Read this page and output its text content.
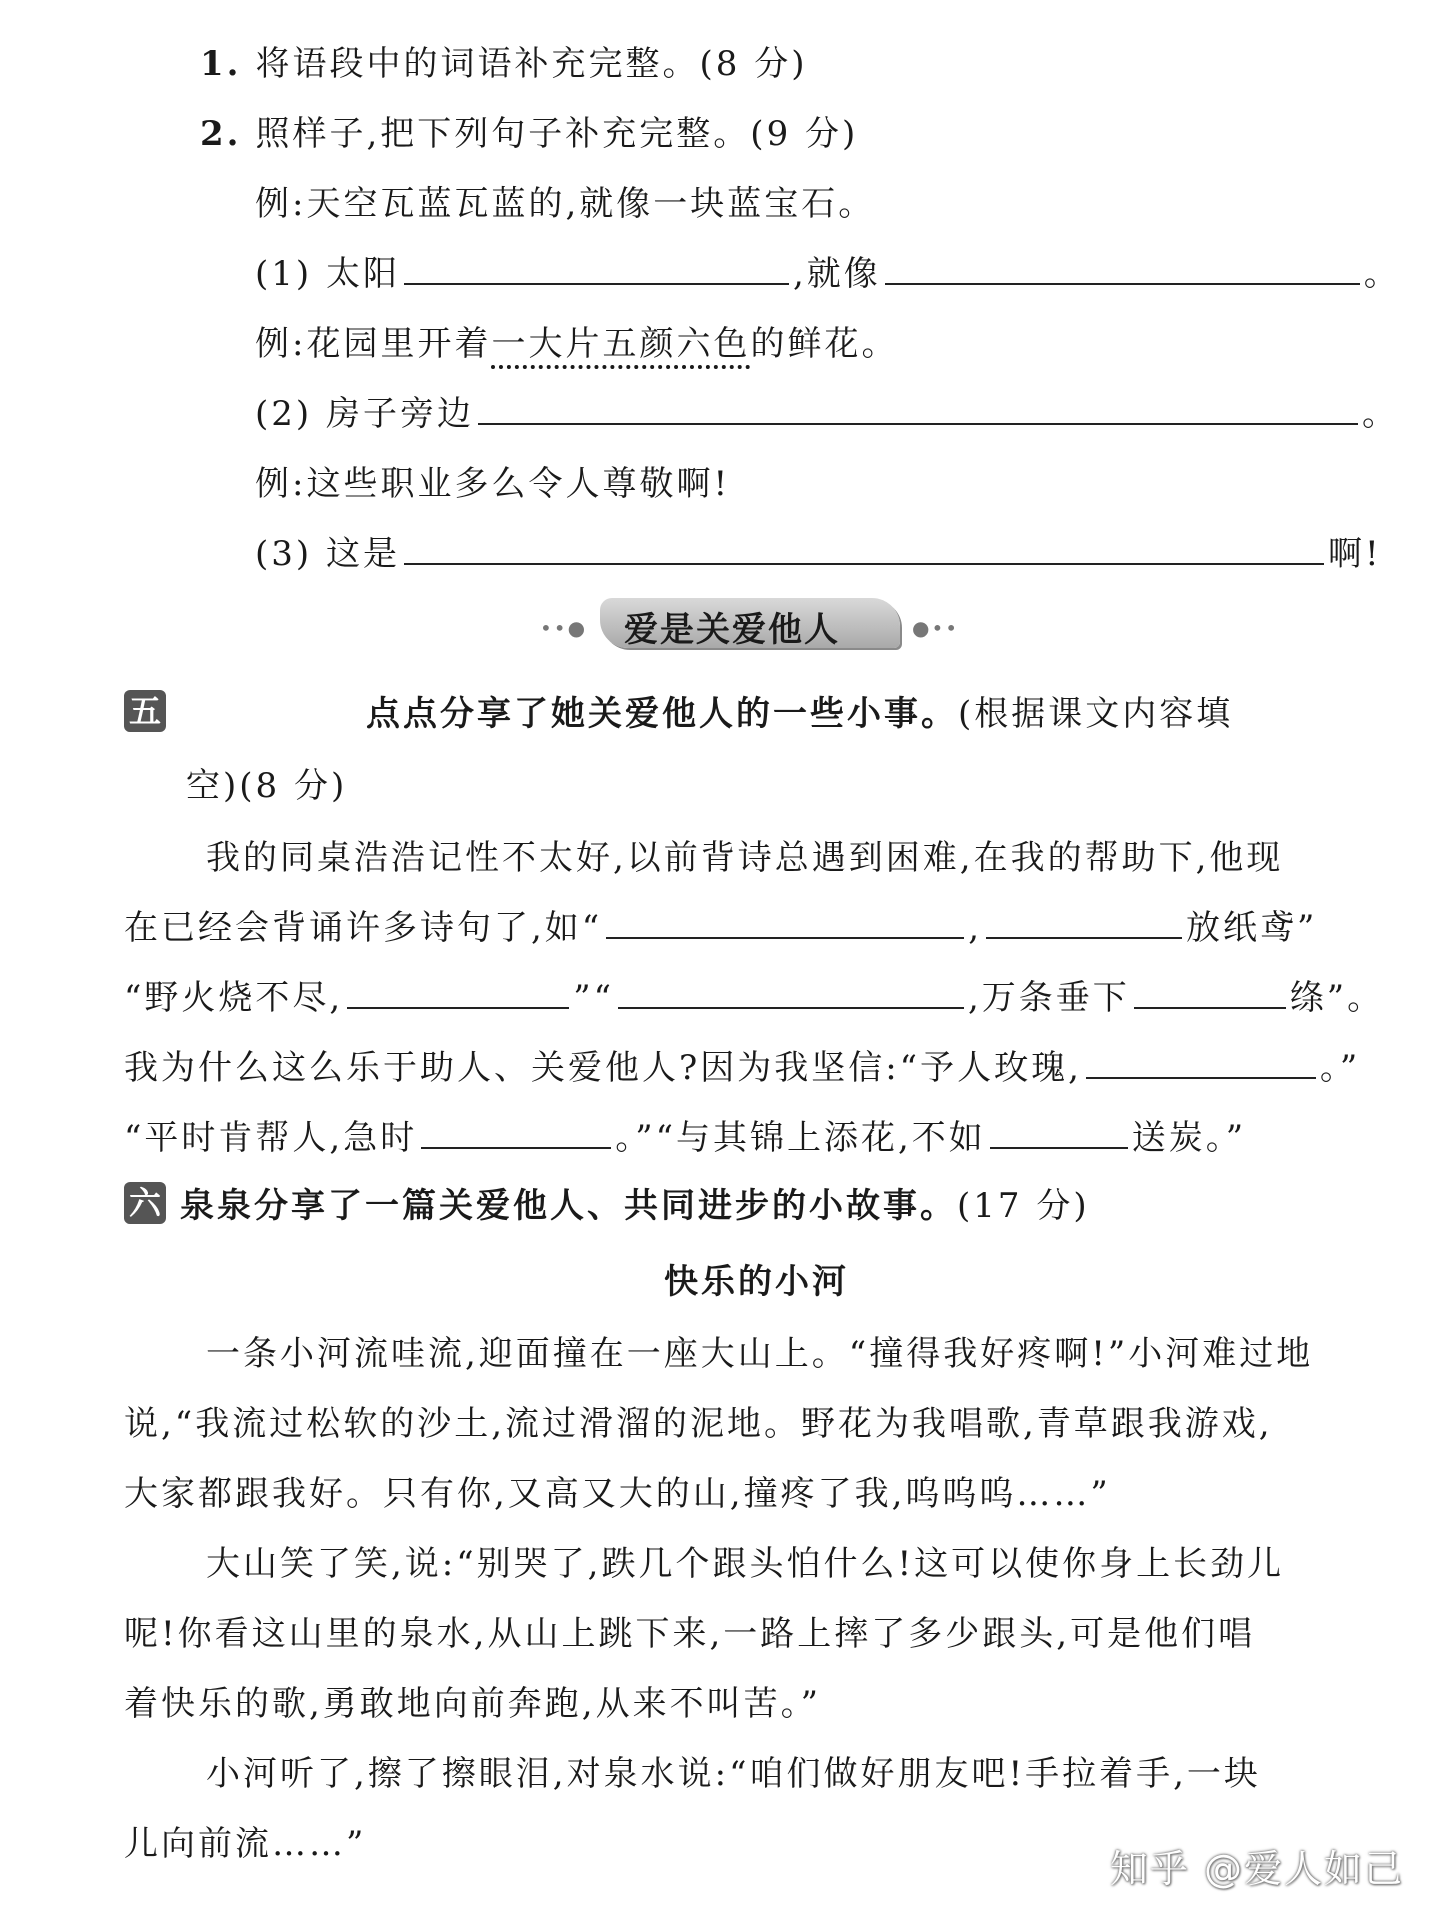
1. 将语段中的词语补充完整。(8 分)
2. 照样子,把下列句子补充完整。(9 分)
例:天空瓦蓝瓦蓝的,就像一块蓝宝石。
(1) 太阳	,就像	。
例:花园里开着一大片五颜六色的鲜花。
(2) 房子旁边	。
例:这些职业多么令人尊敬啊!
(3) 这是	啊!
••● 爱是关爱他人	●••
五	点点分享了她关爱他人的一些小事。(根据课文内容填
空)(8 分)
我的同桌浩浩记性不太好,以前背诗总遇到困难,在我的帮助下,他现
在已经会背诵许多诗句了,如“	,	放纸鸢”
“野火烧不尽,	”“	,万条垂下	绦”。
我为什么这么乐于助人、关爱他人?因为我坚信:“予人玫瑰,	。”
“平时肯帮人,急时	。”“与其锦上添花,不如	送炭。”
六 泉泉分享了一篇关爱他人、共同进步的小故事。(17 分)
快乐的小河
一条小河流哇流,迎面撞在一座大山上。“撞得我好疼啊!”小河难过地
说,“我流过松软的沙土,流过滑溜的泥地。野花为我唱歌,青草跟我游戏,
大家都跟我好。只有你,又高又大的山,撞疼了我,呜呜呜……”
大山笑了笑,说:“别哭了,跌几个跟头怕什么!这可以使你身上长劲儿
呢!你看这山里的泉水,从山上跳下来,一路上摔了多少跟头,可是他们唱
着快乐的歌,勇敢地向前奔跑,从来不叫苦。”
小河听了,擦了擦眼泪,对泉水说:“咱们做好朋友吧!手拉着手,一块
儿向前流……”
知乎 @爱人如己
